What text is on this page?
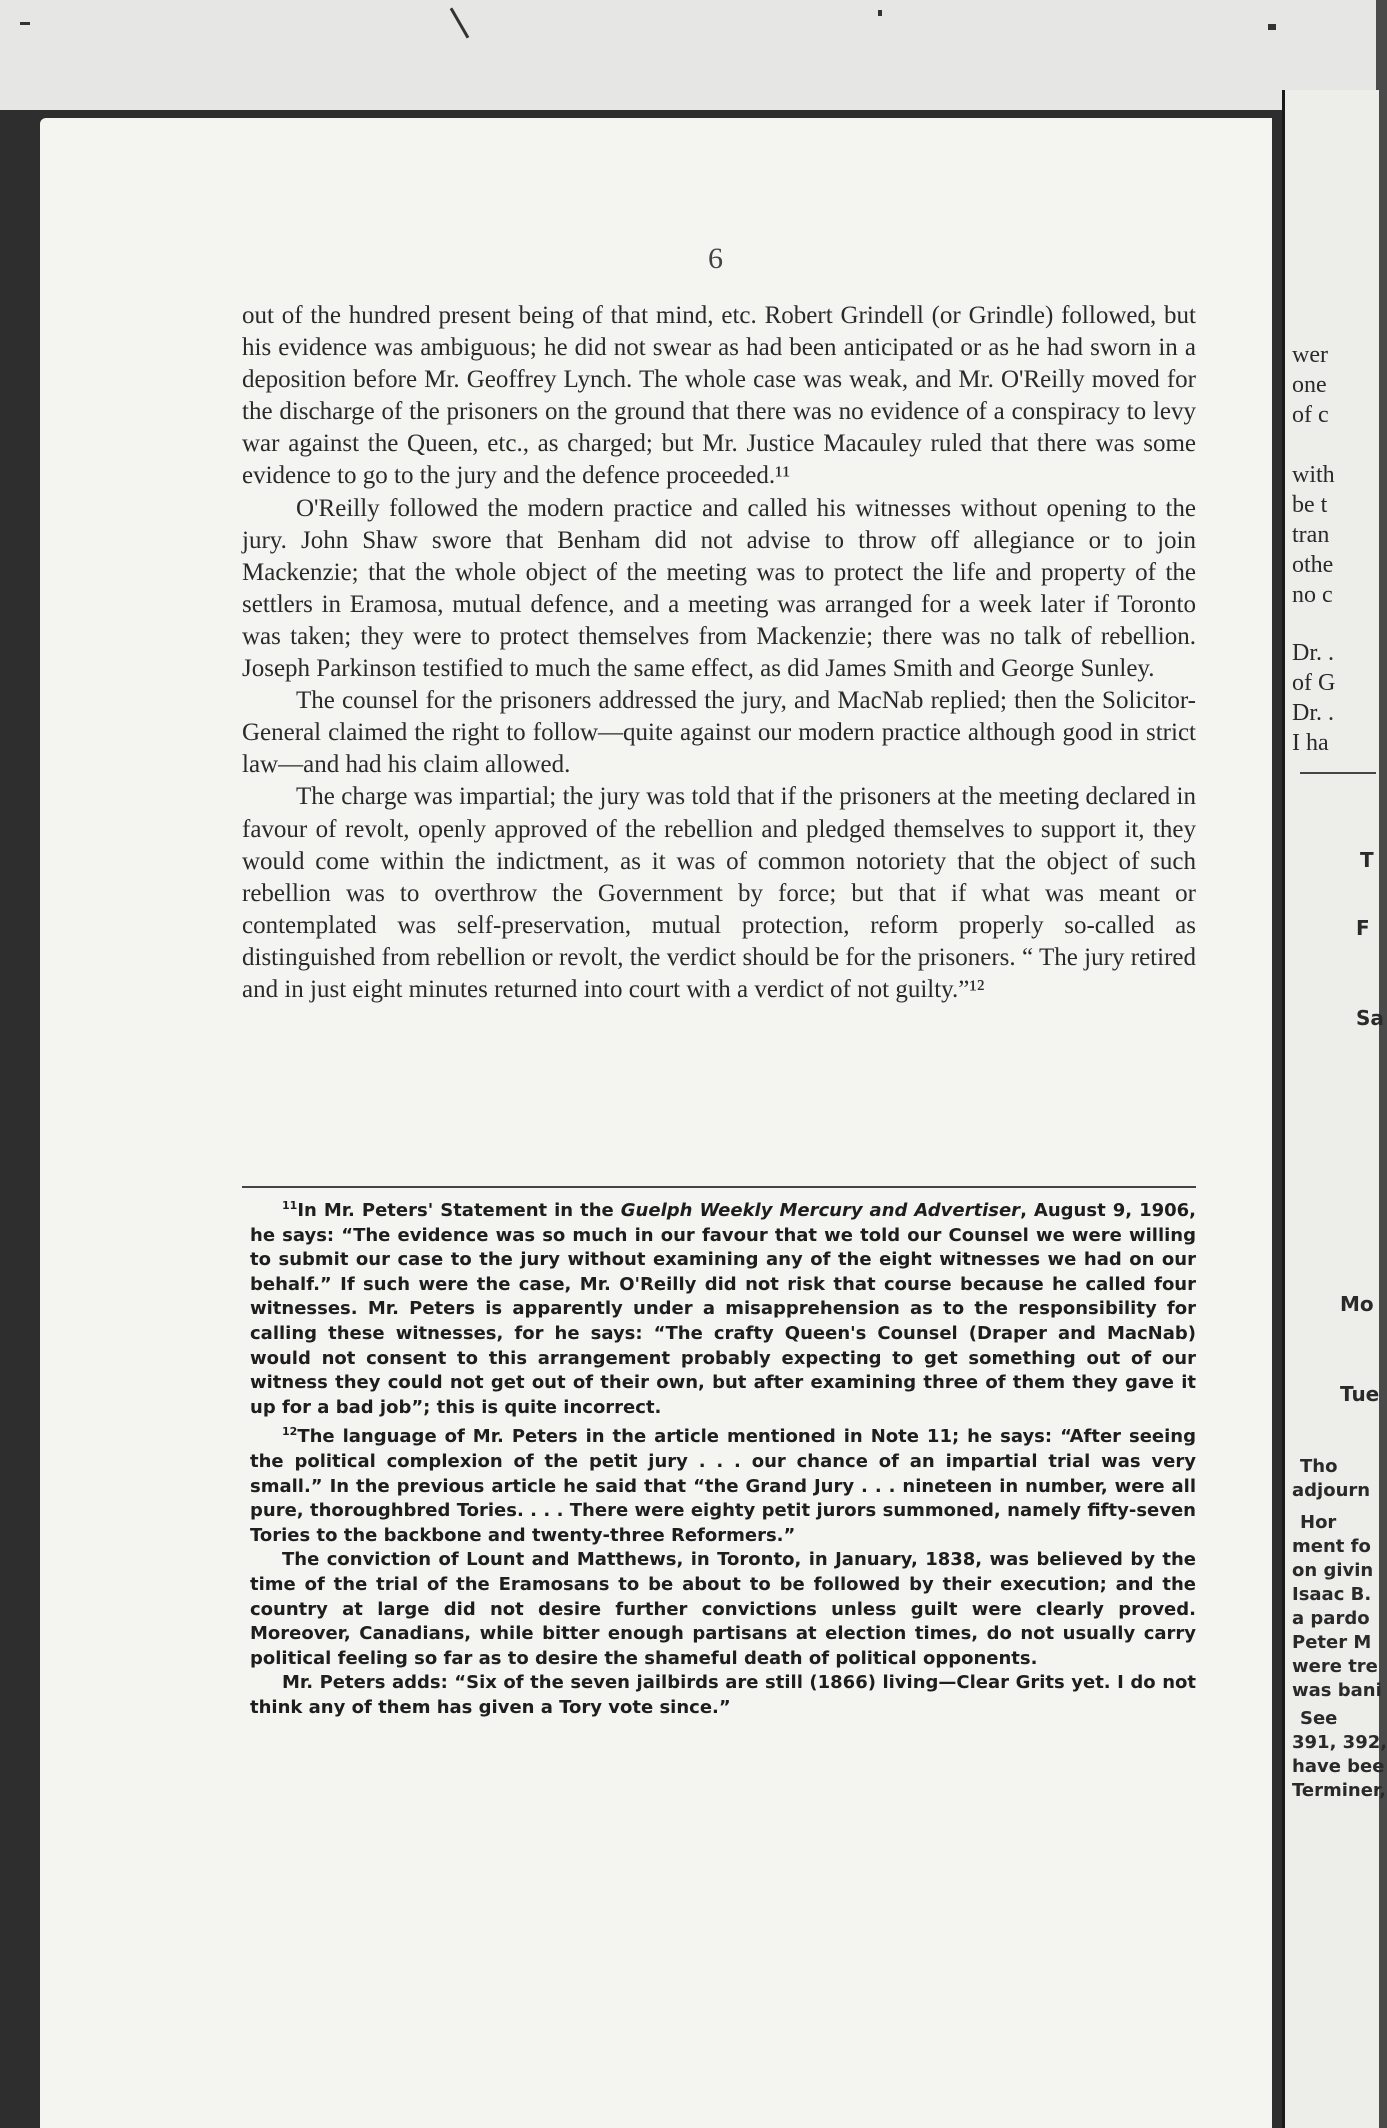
6

out of the hundred present being of that mind, etc. Robert Grindell (or Grindle) followed, but his evidence was ambiguous; he did not swear as had been anticipated or as he had sworn in a deposition before Mr. Geoffrey Lynch. The whole case was weak, and Mr. O'Reilly moved for the discharge of the prisoners on the ground that there was no evidence of a conspiracy to levy war against the Queen, etc., as charged; but Mr. Justice Macauley ruled that there was some evidence to go to the jury and the defence proceeded.¹¹

O'Reilly followed the modern practice and called his witnesses without opening to the jury. John Shaw swore that Benham did not advise to throw off allegiance or to join Mackenzie; that the whole object of the meeting was to protect the life and property of the settlers in Eramosa, mutual defence, and a meeting was arranged for a week later if Toronto was taken; they were to protect themselves from Mackenzie; there was no talk of rebellion. Joseph Parkinson testified to much the same effect, as did James Smith and George Sunley.

The counsel for the prisoners addressed the jury, and MacNab replied; then the Solicitor-General claimed the right to follow—quite against our modern practice although good in strict law—and had his claim allowed.

The charge was impartial; the jury was told that if the prisoners at the meeting declared in favour of revolt, openly approved of the rebellion and pledged themselves to support it, they would come within the indictment, as it was of common notoriety that the object of such rebellion was to overthrow the Government by force; but that if what was meant or contemplated was self-preservation, mutual protection, reform properly so-called as distinguished from rebellion or revolt, the verdict should be for the prisoners. “ The jury retired and in just eight minutes returned into court with a verdict of not guilty.”¹²

$^{11}$In Mr. Peters' Statement in the Guelph Weekly Mercury and Advertiser, August 9, 1906, he says: “The evidence was so much in our favour that we told our Counsel we were willing to submit our case to the jury without examining any of the eight witnesses we had on our behalf.” If such were the case, Mr. O'Reilly did not risk that course because he called four witnesses. Mr. Peters is apparently under a misapprehension as to the responsibility for calling these witnesses, for he says: “The crafty Queen's Counsel (Draper and MacNab) would not consent to this arrangement probably expecting to get something out of our witness they could not get out of their own, but after examining three of them they gave it up for a bad job”; this is quite incorrect.

$^{12}$The language of Mr. Peters in the article mentioned in Note 11; he says: “After seeing the political complexion of the petit jury . . . our chance of an impartial trial was very small.” In the previous article he said that “the Grand Jury . . . nineteen in number, were all pure, thoroughbred Tories. . . . There were eighty petit jurors summoned, namely fifty-seven Tories to the backbone and twenty-three Reformers.”

The conviction of Lount and Matthews, in Toronto, in January, 1838, was believed by the time of the trial of the Eramosans to be about to be followed by their execution; and the country at large did not desire further convictions unless guilt were clearly proved. Moreover, Canadians, while bitter enough partisans at election times, do not usually carry political feeling so far as to desire the shameful death of political opponents.

Mr. Peters adds: “Six of the seven jailbirds are still (1866) living—Clear Grits yet. I do not think any of them has given a Tory vote since.”

wer
one
of c
with
be t
tran
othe
no c
Dr. .
of G
Dr. .
I ha
T
F
Sa
Mo
Tue
Tho
adjourn
Hor
ment fo
on givin
Isaac B.
a pardo
Peter M
were tre
was bani
See
391, 392,
have bee
Terminer,
